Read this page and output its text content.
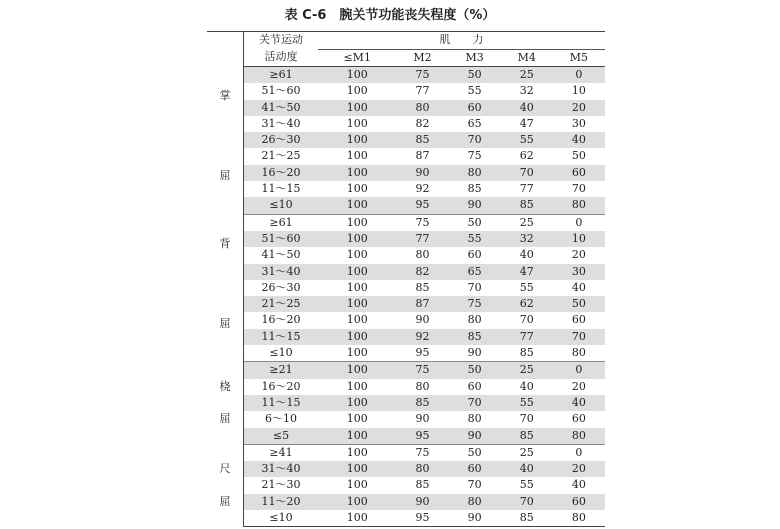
表 C-6　腕关节功能丧失程度（%）
	关节运动	肌　　力				
	活动度	≤M1	M2	M3	M4	M5

掌
屈	≥61	100	75	50	25	0
	51～60	100	77	55	32	10
	41～50	100	80	60	40	20
	31～40	100	82	65	47	30
	26～30	100	85	70	55	40
	21～25	100	87	75	62	50
	16～20	100	90	80	70	60
	11～15	100	92	85	77	70
	≤10	100	95	90	85	80

背
屈	≥61	100	75	50	25	0
	51～60	100	77	55	32	10
	41～50	100	80	60	40	20
	31～40	100	82	65	47	30
	26～30	100	85	70	55	40
	21～25	100	87	75	62	50
	16～20	100	90	80	70	60
	11～15	100	92	85	77	70
	≤10	100	95	90	85	80

桡
屈	≥21	100	75	50	25	0
	16～20	100	80	60	40	20
	11～15	100	85	70	55	40
	6～10	100	90	80	70	60
	≤5	100	95	90	85	80

尺
屈	≥41	100	75	50	25	0
	31～40	100	80	60	40	20
	21～30	100	85	70	55	40
	11～20	100	90	80	70	60
	≤10	100	95	90	85	80
